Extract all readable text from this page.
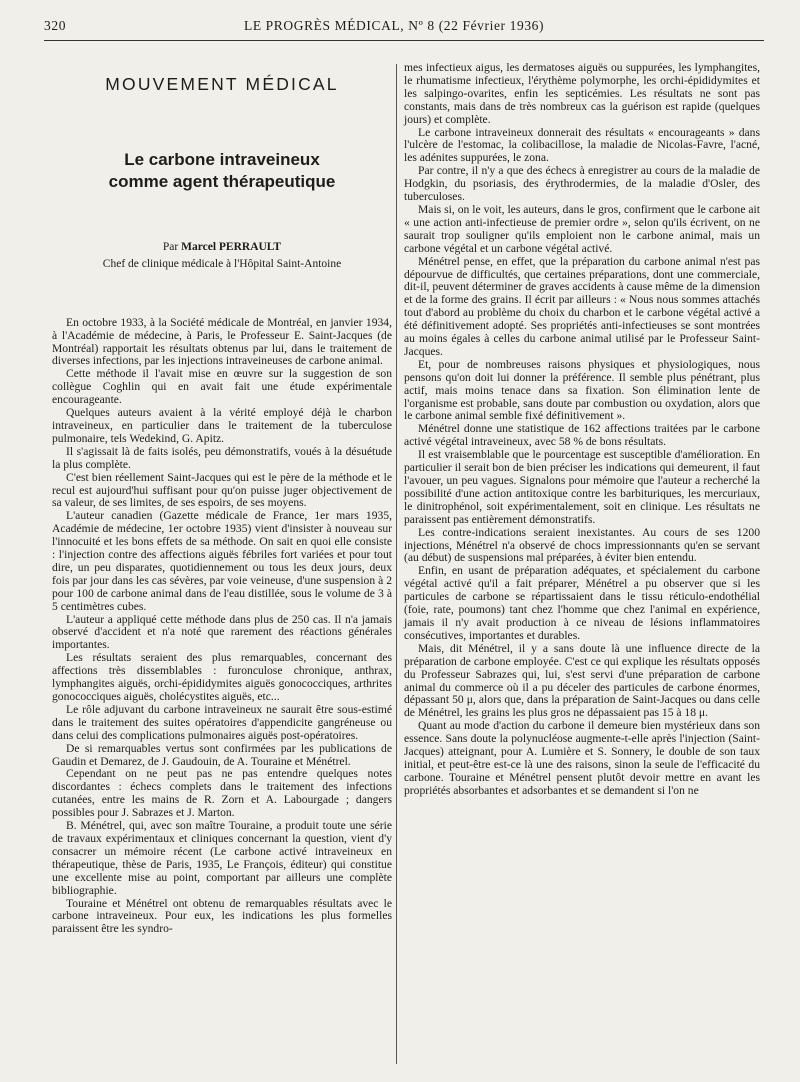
320	LE PROGRÈS MÉDICAL, Nº 8 (22 Février 1936)
MOUVEMENT MÉDICAL
Le carbone intraveineux
comme agent thérapeutique
Par Marcel PERRAULT
Chef de clinique médicale à l'Hôpital Saint-Antoine

En octobre 1933, à la Société médicale de Montréal, en janvier 1934, à l'Académie de médecine, à Paris, le Professeur E. Saint-Jacques (de Montréal) rapportait les résultats obtenus par lui, dans le traitement de diverses infections, par les injections intraveineuses de carbone animal.

Cette méthode il l'avait mise en œuvre sur la suggestion de son collègue Coghlin qui en avait fait une étude expérimentale encourageante.

Quelques auteurs avaient à la vérité employé déjà le charbon intraveineux, en particulier dans le traitement de la tuberculose pulmonaire, tels Wedekind, G. Apitz.

Il s'agissait là de faits isolés, peu démonstratifs, voués à la désuétude la plus complète.

C'est bien réellement Saint-Jacques qui est le père de la méthode et le recul est aujourd'hui suffisant pour qu'on puisse juger objectivement de sa valeur, de ses limites, de ses espoirs, de ses moyens.

L'auteur canadien (Gazette médicale de France, 1er mars 1935, Académie de médecine, 1er octobre 1935) vient d'insister à nouveau sur l'innocuité et les bons effets de sa méthode. On sait en quoi elle consiste : l'injection contre des affections aiguës fébriles fort variées et pour tout dire, un peu disparates, quotidiennement ou tous les deux jours, deux fois par jour dans les cas sévères, par voie veineuse, d'une suspension à 2 pour 100 de carbone animal dans de l'eau distillée, sous le volume de 3 à 5 centimètres cubes.

L'auteur a appliqué cette méthode dans plus de 250 cas. Il n'a jamais observé d'accident et n'a noté que rarement des réactions générales importantes.

Les résultats seraient des plus remarquables, concernant des affections très dissemblables : furonculose chronique, anthrax, lymphangites aiguës, orchi-épididymites aiguës gonococciques, arthrites gonococciques aiguës, cholécystites aiguës, etc...

Le rôle adjuvant du carbone intraveineux ne saurait être sous-estimé dans le traitement des suites opératoires d'appendicite gangréneuse ou dans celui des complications pulmonaires aiguës post-opératoires.

De si remarquables vertus sont confirmées par les publications de Gaudin et Demarez, de J. Gaudouin, de A. Touraine et Ménétrel.

Cependant on ne peut pas ne pas entendre quelques notes discordantes : échecs complets dans le traitement des infections cutanées, entre les mains de R. Zorn et A. Labourgade ; dangers possibles pour J. Sabrazes et J. Marton.

B. Ménétrel, qui, avec son maître Touraine, a produit toute une série de travaux expérimentaux et cliniques concernant la question, vient d'y consacrer un mémoire récent (Le carbone activé intraveineux en thérapeutique, thèse de Paris, 1935, Le François, éditeur) qui constitue une excellente mise au point, comportant par ailleurs une complète bibliographie.

Touraine et Ménétrel ont obtenu de remarquables résultats avec le carbone intraveineux. Pour eux, les indications les plus formelles paraissent être les syndro-

mes infectieux aigus, les dermatoses aiguës ou suppurées, les lymphangites, le rhumatisme infectieux, l'érythème polymorphe, les orchi-épididymites et les salpingo-ovarites, enfin les septicémies. Les résultats ne sont pas constants, mais dans de très nombreux cas la guérison est rapide (quelques jours) et complète.

Le carbone intraveineux donnerait des résultats « encourageants » dans l'ulcère de l'estomac, la colibacillose, la maladie de Nicolas-Favre, l'acné, les adénites suppurées, le zona.

Par contre, il n'y a que des échecs à enregistrer au cours de la maladie de Hodgkin, du psoriasis, des érythrodermies, de la maladie d'Osler, des tuberculoses.

Mais si, on le voit, les auteurs, dans le gros, confirment que le carbone ait « une action anti-infectieuse de premier ordre », selon qu'ils écrivent, on ne saurait trop souligner qu'ils emploient non le carbone animal, mais un carbone végétal et un carbone végétal activé.

Ménétrel pense, en effet, que la préparation du carbone animal n'est pas dépourvue de difficultés, que certaines préparations, dont une commerciale, dit-il, peuvent déterminer de graves accidents à cause même de la dimension et de la forme des grains. Il écrit par ailleurs : « Nous nous sommes attachés tout d'abord au problème du choix du charbon et le carbone végétal activé a été définitivement adopté. Ses propriétés anti-infectieuses se sont montrées au moins égales à celles du carbone animal utilisé par le Professeur Saint-Jacques.

Et, pour de nombreuses raisons physiques et physiologiques, nous pensons qu'on doit lui donner la préférence. Il semble plus pénétrant, plus actif, mais moins tenace dans sa fixation. Son élimination lente de l'organisme est probable, sans doute par combustion ou oxydation, alors que le carbone animal semble fixé définitivement ».

Ménétrel donne une statistique de 162 affections traitées par le carbone activé végétal intraveineux, avec 58 % de bons résultats.

Il est vraisemblable que le pourcentage est susceptible d'amélioration. En particulier il serait bon de bien préciser les indications qui demeurent, il faut l'avouer, un peu vagues. Signalons pour mémoire que l'auteur a recherché la possibilité d'une action antitoxique contre les barbituriques, les mercuriaux, le dinitrophénol, soit expérimentalement, soit en clinique. Les résultats ne paraissent pas entièrement démonstratifs.

Les contre-indications seraient inexistantes. Au cours de ses 1200 injections, Ménétrel n'a observé de chocs impressionnants qu'en se servant (au début) de suspensions mal préparées, à éviter bien entendu.

Enfin, en usant de préparation adéquates, et spécialement du carbone végétal activé qu'il a fait préparer, Ménétrel a pu observer que si les particules de carbone se répartissaient dans le tissu réticulo-endothélial (foie, rate, poumons) tant chez l'homme que chez l'animal en expérience, jamais il n'y avait production à ce niveau de lésions inflammatoires consécutives, importantes et durables.

Mais, dit Ménétrel, il y a sans doute là une influence directe de la préparation de carbone employée. C'est ce qui explique les résultats opposés du Professeur Sabrazes qui, lui, s'est servi d'une préparation de carbone animal du commerce où il a pu déceler des particules de carbone énormes, dépassant 50 μ, alors que, dans la préparation de Saint-Jacques ou dans celle de Ménétrel, les grains les plus gros ne dépassaient pas 15 à 18 μ.

Quant au mode d'action du carbone il demeure bien mystérieux dans son essence. Sans doute la polynucléose augmente-t-elle après l'injection (Saint-Jacques) atteignant, pour A. Lumière et S. Sonnery, le double de son taux initial, et peut-être est-ce là une des raisons, sinon la seule de l'efficacité du carbone. Touraine et Ménétrel pensent plutôt devoir mettre en avant les propriétés absorbantes et adsorbantes et se demandent si l'on ne
